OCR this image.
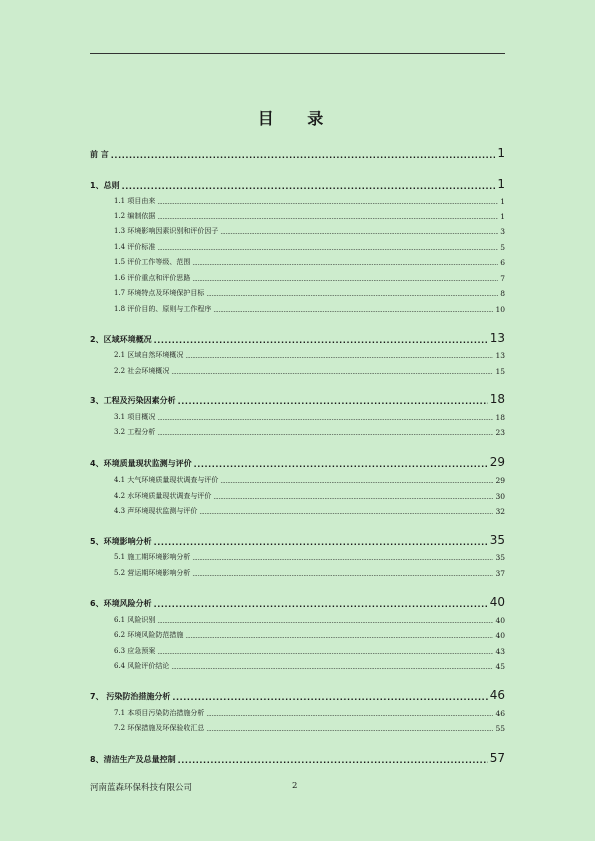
目 录
前 言 .....	1
1、总则 .....	1
1.1 项目由来 .....	1
1.2 编制依据 .....	1
1.3 环境影响因素识别和评价因子 .....	3
1.4 评价标准 .....	5
1.5 评价工作等级、范围 .....	6
1.6 评价重点和评价思路 .....	7
1.7 环境特点及环境保护目标 .....	8
1.8 评价目的、原则与工作程序 .....	10
2、区域环境概况 .....	13
2.1 区域自然环境概况 .....	13
2.2 社会环境概况 .....	15
3、工程及污染因素分析 .....	18
3.1 项目概况 .....	18
3.2 工程分析 .....	23
4、环境质量现状监测与评价 .....	29
4.1 大气环境质量现状调查与评价 .....	29
4.2 水环境质量现状调查与评价 .....	30
4.3 声环境现状监测与评价 .....	32
5、环境影响分析 .....	35
5.1 施工期环境影响分析 .....	35
5.2 营运期环境影响分析 .....	37
6、环境风险分析 .....	40
6.1 风险识别 .....	40
6.2 环境风险防范措施 .....	40
6.3 应急预案 .....	43
6.4 风险评价结论 .....	45
7、 污染防治措施分析 .....	46
7.1 本项目污染防治措施分析 .....	46
7.2 环保措施及环保验收汇总 .....	55
8、清洁生产及总量控制 .....	57
河南蓝森环保科技有限公司	2
